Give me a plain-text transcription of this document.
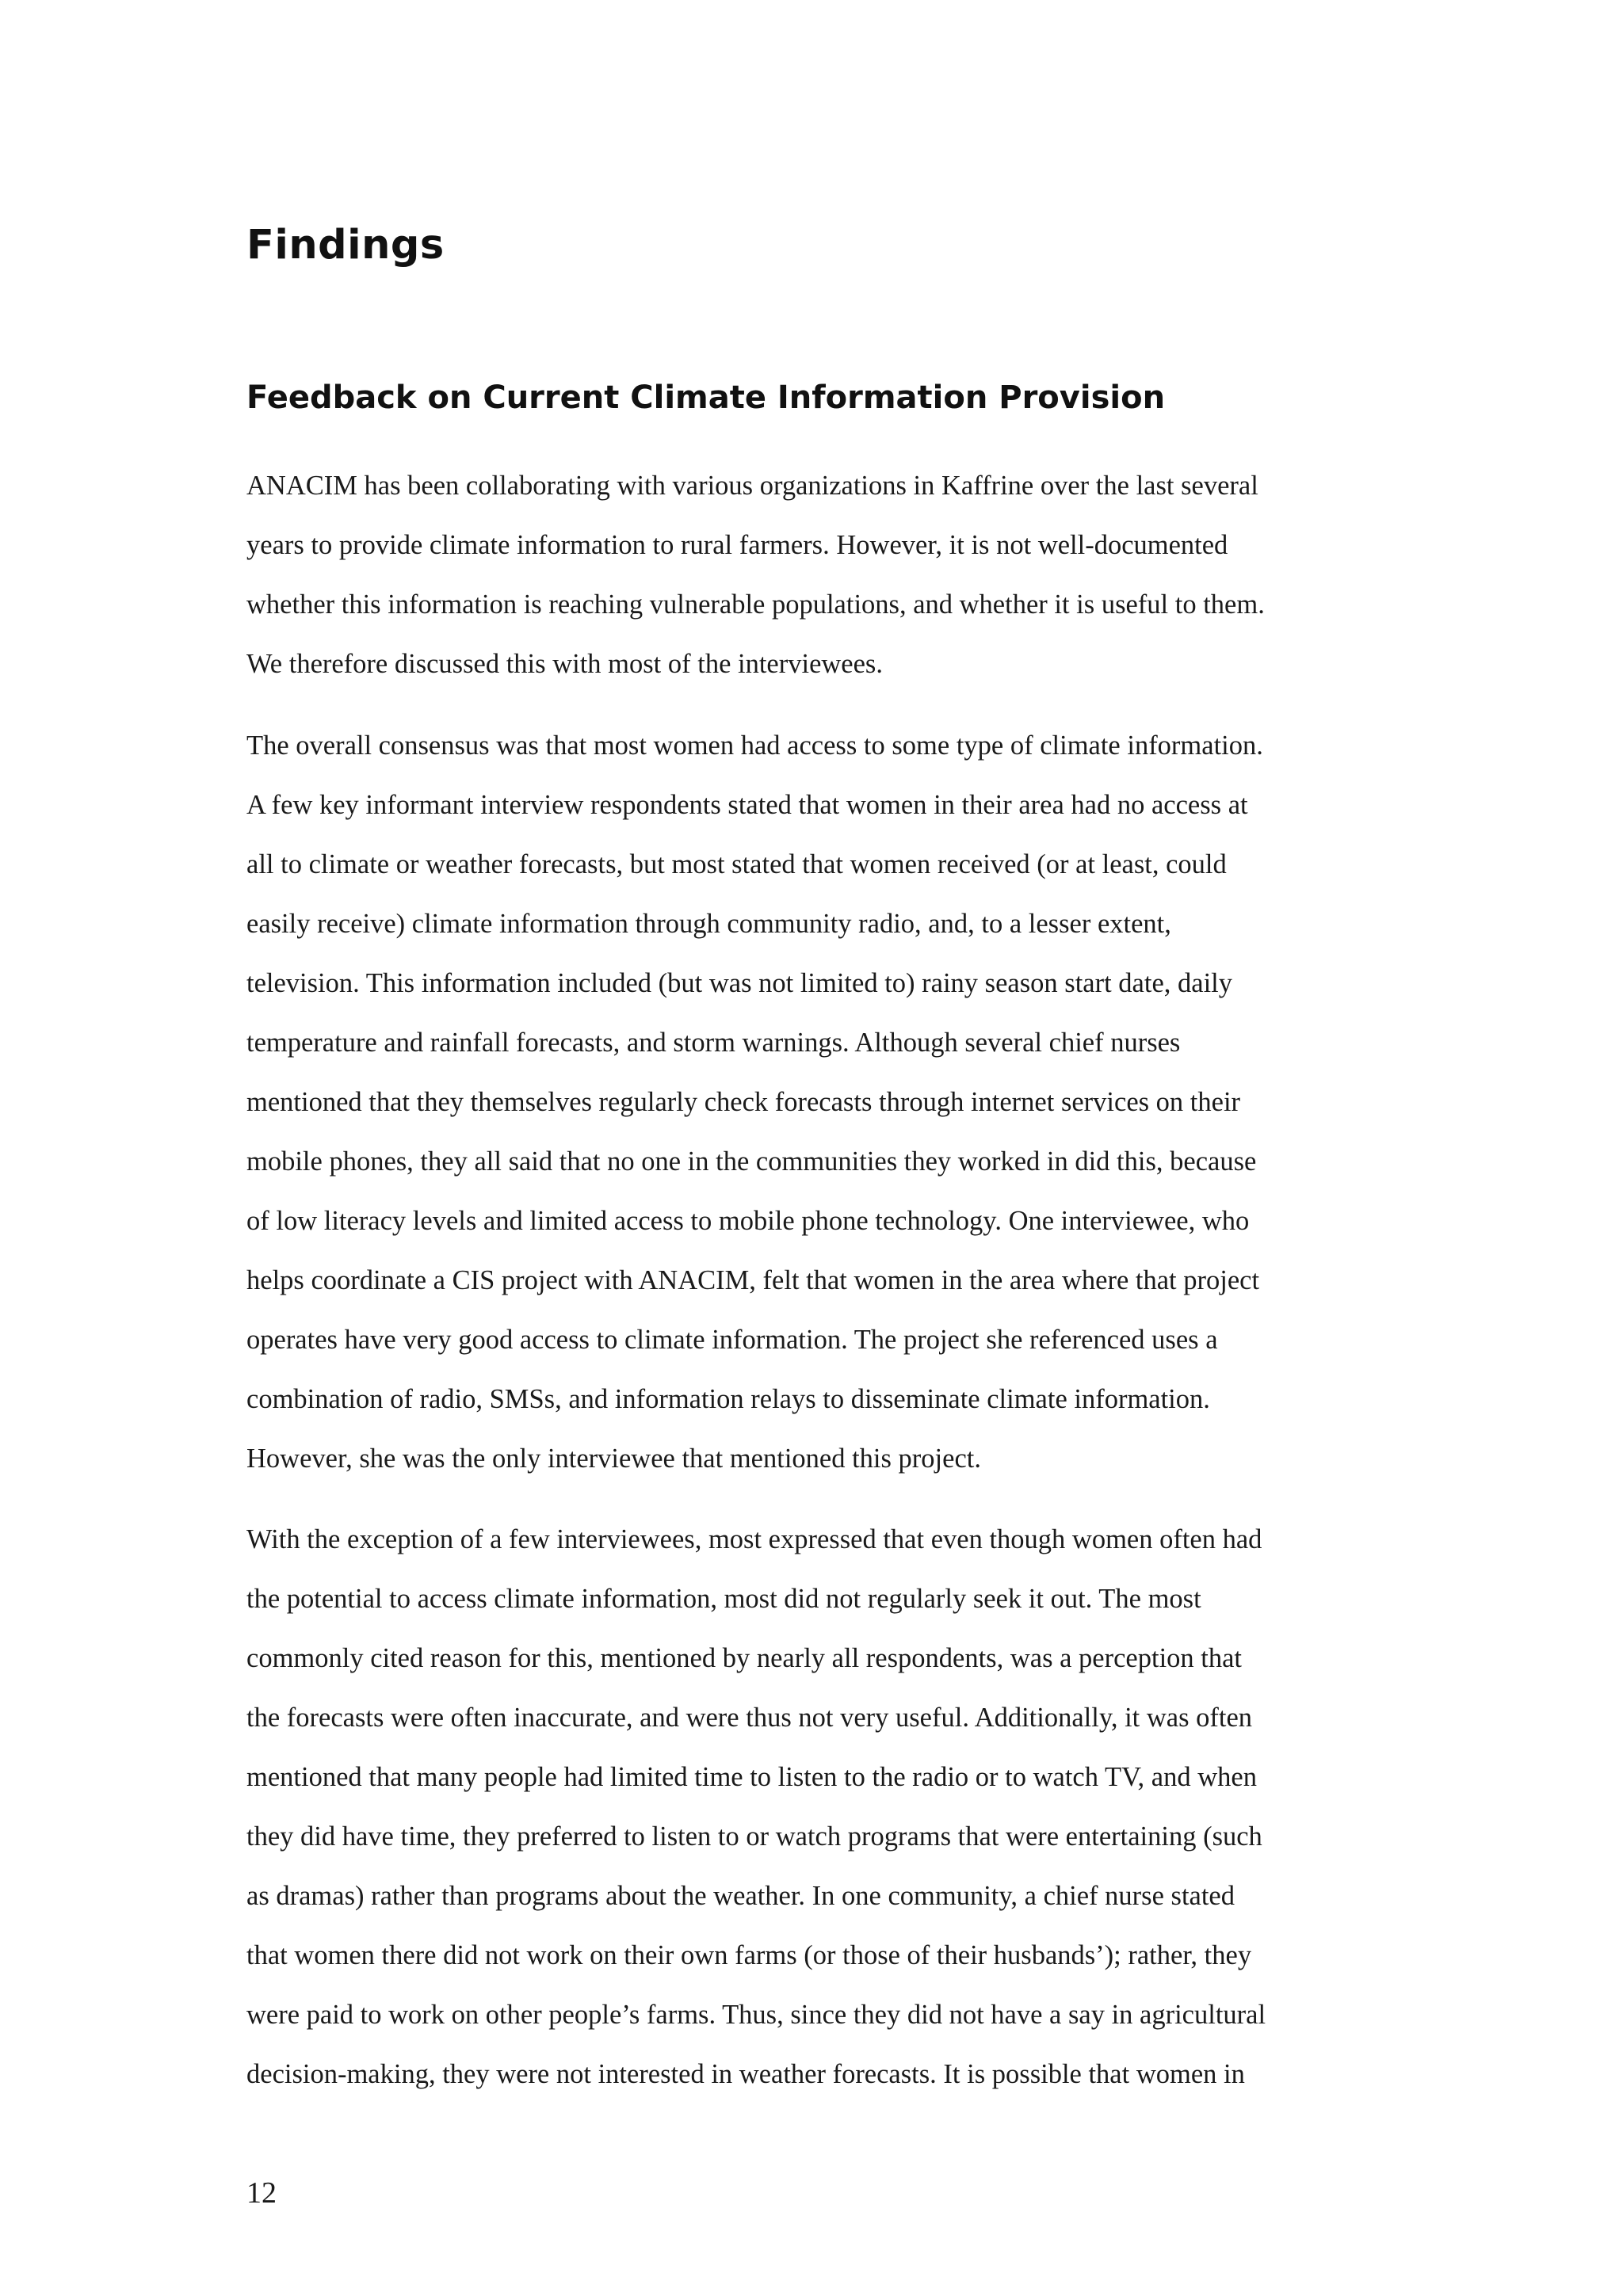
Findings
Feedback on Current Climate Information Provision

ANACIM has been collaborating with various organizations in Kaffrine over the last several
years to provide climate information to rural farmers. However, it is not well-documented
whether this information is reaching vulnerable populations, and whether it is useful to them.
We therefore discussed this with most of the interviewees.

The overall consensus was that most women had access to some type of climate information.
A few key informant interview respondents stated that women in their area had no access at
all to climate or weather forecasts, but most stated that women received (or at least, could
easily receive) climate information through community radio, and, to a lesser extent,
television. This information included (but was not limited to) rainy season start date, daily
temperature and rainfall forecasts, and storm warnings. Although several chief nurses
mentioned that they themselves regularly check forecasts through internet services on their
mobile phones, they all said that no one in the communities they worked in did this, because
of low literacy levels and limited access to mobile phone technology. One interviewee, who
helps coordinate a CIS project with ANACIM, felt that women in the area where that project
operates have very good access to climate information. The project she referenced uses a
combination of radio, SMSs, and information relays to disseminate climate information.
However, she was the only interviewee that mentioned this project.

With the exception of a few interviewees, most expressed that even though women often had
the potential to access climate information, most did not regularly seek it out. The most
commonly cited reason for this, mentioned by nearly all respondents, was a perception that
the forecasts were often inaccurate, and were thus not very useful. Additionally, it was often
mentioned that many people had limited time to listen to the radio or to watch TV, and when
they did have time, they preferred to listen to or watch programs that were entertaining (such
as dramas) rather than programs about the weather. In one community, a chief nurse stated
that women there did not work on their own farms (or those of their husbands’); rather, they
were paid to work on other people’s farms. Thus, since they did not have a say in agricultural
decision-making, they were not interested in weather forecasts. It is possible that women in

12
